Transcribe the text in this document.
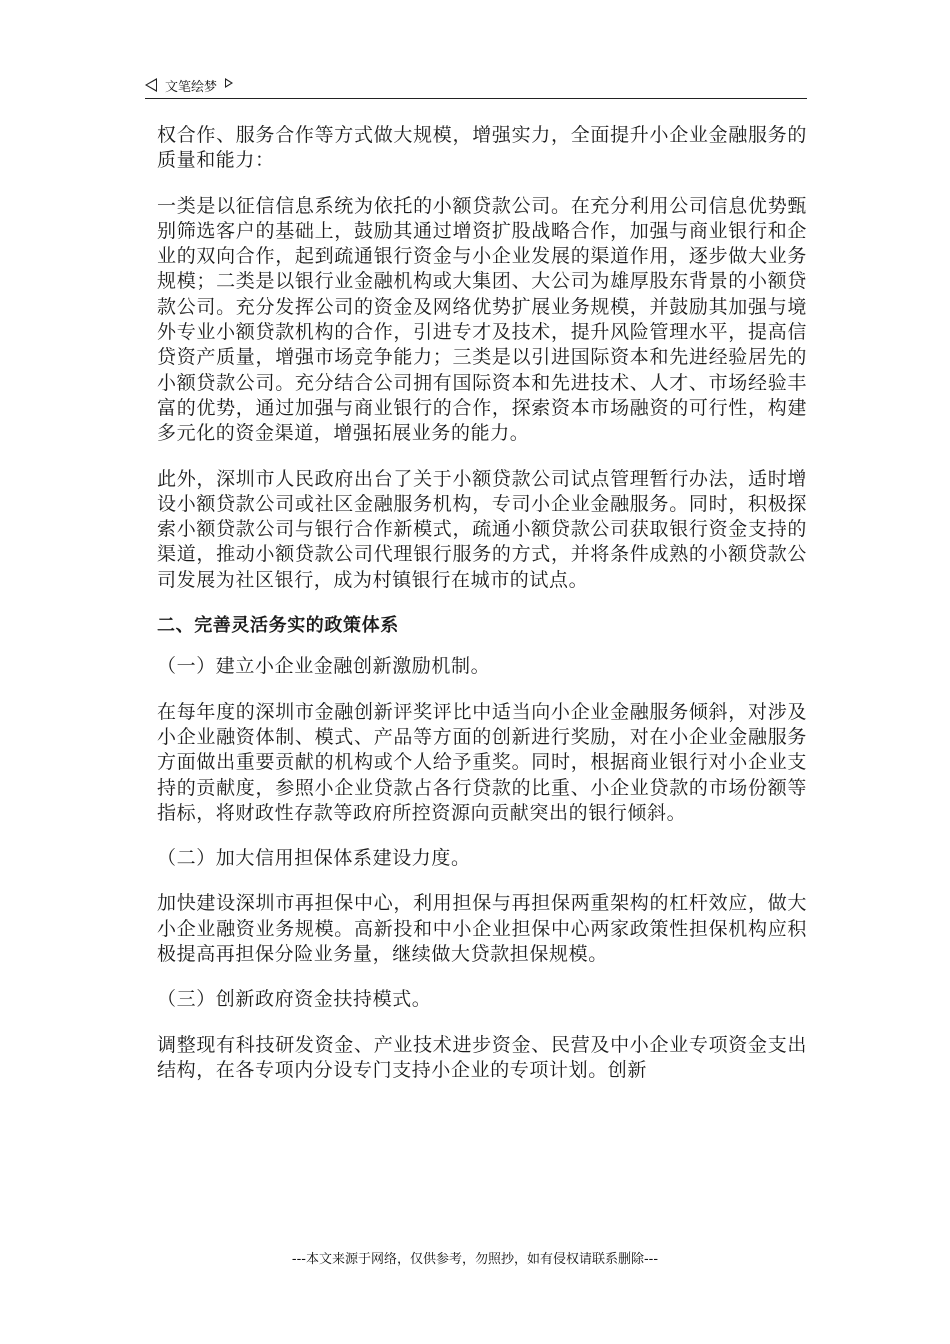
文笔绘梦

权合作、服务合作等方式做大规模，增强实力，全面提升小企业金融服务的质量和能力：

一类是以征信信息系统为依托的小额贷款公司。在充分利用公司信息优势甄别筛选客户的基础上，鼓励其通过增资扩股战略合作，加强与商业银行和企业的双向合作，起到疏通银行资金与小企业发展的渠道作用，逐步做大业务规模；二类是以银行业金融机构或大集团、大公司为雄厚股东背景的小额贷款公司。充分发挥公司的资金及网络优势扩展业务规模，并鼓励其加强与境外专业小额贷款机构的合作，引进专才及技术，提升风险管理水平，提高信贷资产质量，增强市场竞争能力；三类是以引进国际资本和先进经验居先的小额贷款公司。充分结合公司拥有国际资本和先进技术、人才、市场经验丰富的优势，通过加强与商业银行的合作，探索资本市场融资的可行性，构建多元化的资金渠道，增强拓展业务的能力。

此外，深圳市人民政府出台了关于小额贷款公司试点管理暂行办法，适时增设小额贷款公司或社区金融服务机构，专司小企业金融服务。同时，积极探索小额贷款公司与银行合作新模式，疏通小额贷款公司获取银行资金支持的渠道，推动小额贷款公司代理银行服务的方式，并将条件成熟的小额贷款公司发展为社区银行，成为村镇银行在城市的试点。

二、完善灵活务实的政策体系

（一）建立小企业金融创新激励机制。

在每年度的深圳市金融创新评奖评比中适当向小企业金融服务倾斜，对涉及小企业融资体制、模式、产品等方面的创新进行奖励，对在小企业金融服务方面做出重要贡献的机构或个人给予重奖。同时，根据商业银行对小企业支持的贡献度，参照小企业贷款占各行贷款的比重、小企业贷款的市场份额等指标，将财政性存款等政府所控资源向贡献突出的银行倾斜。

（二）加大信用担保体系建设力度。

加快建设深圳市再担保中心，利用担保与再担保两重架构的杠杆效应，做大小企业融资业务规模。高新投和中小企业担保中心两家政策性担保机构应积极提高再担保分险业务量，继续做大贷款担保规模。

（三）创新政府资金扶持模式。

调整现有科技研发资金、产业技术进步资金、民营及中小企业专项资金支出结构，在各专项内分设专门支持小企业的专项计划。创新

---本文来源于网络，仅供参考，勿照抄，如有侵权请联系删除---
